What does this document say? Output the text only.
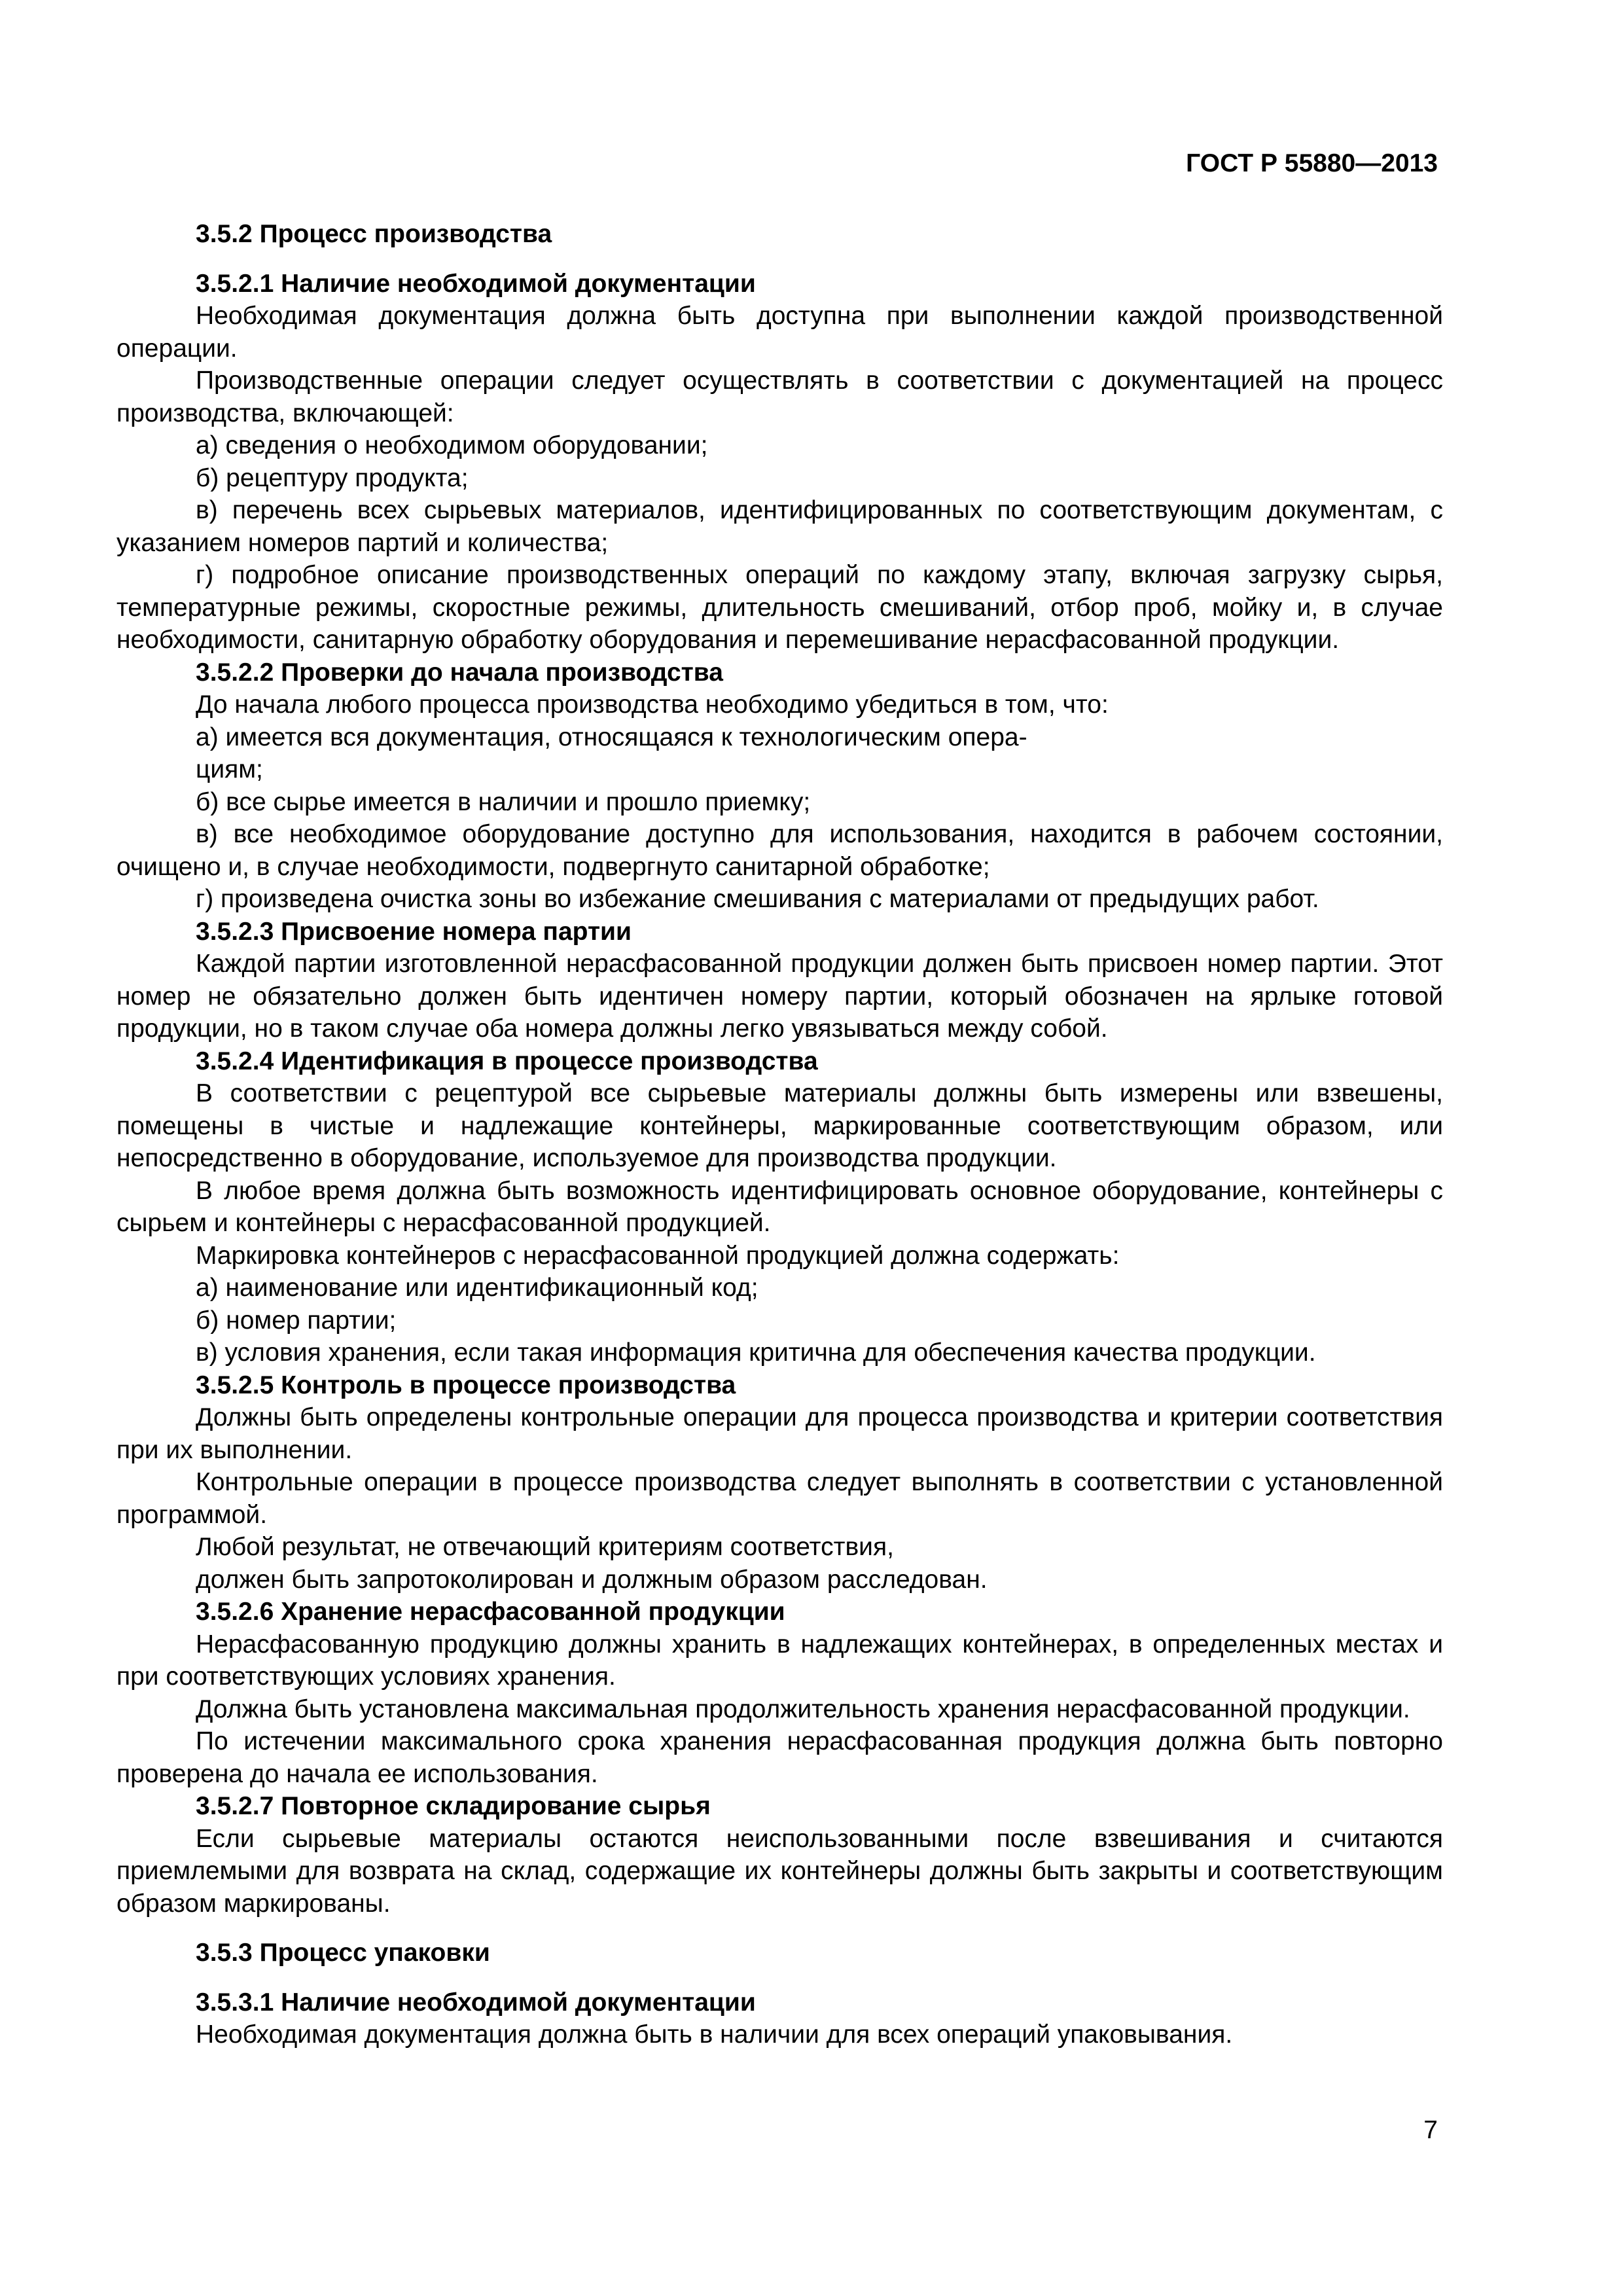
ГОСТ Р 55880—2013

3.5.2 Процесс производства

3.5.2.1 Наличие необходимой документации

Необходимая документация должна быть доступна при выполнении каждой производственной операции.

Производственные операции следует осуществлять в соответствии с документацией на процесс производства, включающей:

а) сведения о необходимом оборудовании;

б) рецептуру продукта;

в) перечень всех сырьевых материалов, идентифицированных по соответствующим документам, с указанием номеров партий и количества;

г) подробное описание производственных операций по каждому этапу, включая загрузку сырья, температурные режимы, скоростные режимы, длительность смешиваний, отбор проб, мойку и, в случае необходимости, санитарную обработку оборудования и перемешивание нерасфасованной продукции.

3.5.2.2 Проверки до начала производства

До начала любого процесса производства необходимо убедиться в том, что:

а) имеется вся документация, относящаяся к технологическим опера-

циям;

б) все сырье имеется в наличии и прошло приемку;

в) все необходимое оборудование доступно для использования, находится в рабочем состоянии, очищено и, в случае необходимости, подвергнуто санитарной обработке;

г) произведена очистка зоны во избежание смешивания с материалами от предыдущих работ.

3.5.2.3 Присвоение номера партии

Каждой партии изготовленной нерасфасованной продукции должен быть присвоен номер партии. Этот номер не обязательно должен быть идентичен номеру партии, который обозначен на ярлыке готовой продукции, но в таком случае оба номера должны легко увязываться между собой.

3.5.2.4 Идентификация в процессе производства

В соответствии с рецептурой все сырьевые материалы должны быть измерены или взвешены, помещены в чистые и надлежащие контейнеры, маркированные соответствующим образом, или непосредственно в оборудование, используемое для производства продукции.

В любое время должна быть возможность идентифицировать основное оборудование, контейнеры с сырьем и контейнеры с нерасфасованной продукцией.

Маркировка контейнеров с нерасфасованной продукцией должна содержать:

а) наименование или идентификационный код;

б) номер партии;

в) условия хранения, если такая информация критична для обеспечения качества продукции.

3.5.2.5 Контроль в процессе производства

Должны быть определены контрольные операции для процесса производства и критерии соответствия при их выполнении.

Контрольные операции в процессе производства следует выполнять в соответствии с установленной программой.

Любой результат, не отвечающий критериям соответствия,

должен быть запротоколирован и должным образом расследован.

3.5.2.6 Хранение нерасфасованной продукции

Нерасфасованную продукцию должны хранить в надлежащих контейнерах, в определенных местах и при соответствующих условиях хранения.

Должна быть установлена максимальная продолжительность хранения нерасфасованной продукции.

По истечении максимального срока хранения нерасфасованная продукция должна быть повторно проверена до начала ее использования.

3.5.2.7 Повторное складирование сырья

Если сырьевые материалы остаются неиспользованными после взвешивания и считаются приемлемыми для возврата на склад, содержащие их контейнеры должны быть закрыты и соответствующим образом маркированы.

3.5.3 Процесс упаковки

3.5.3.1 Наличие необходимой документации

Необходимая документация должна быть в наличии для всех операций упаковывания.

7
